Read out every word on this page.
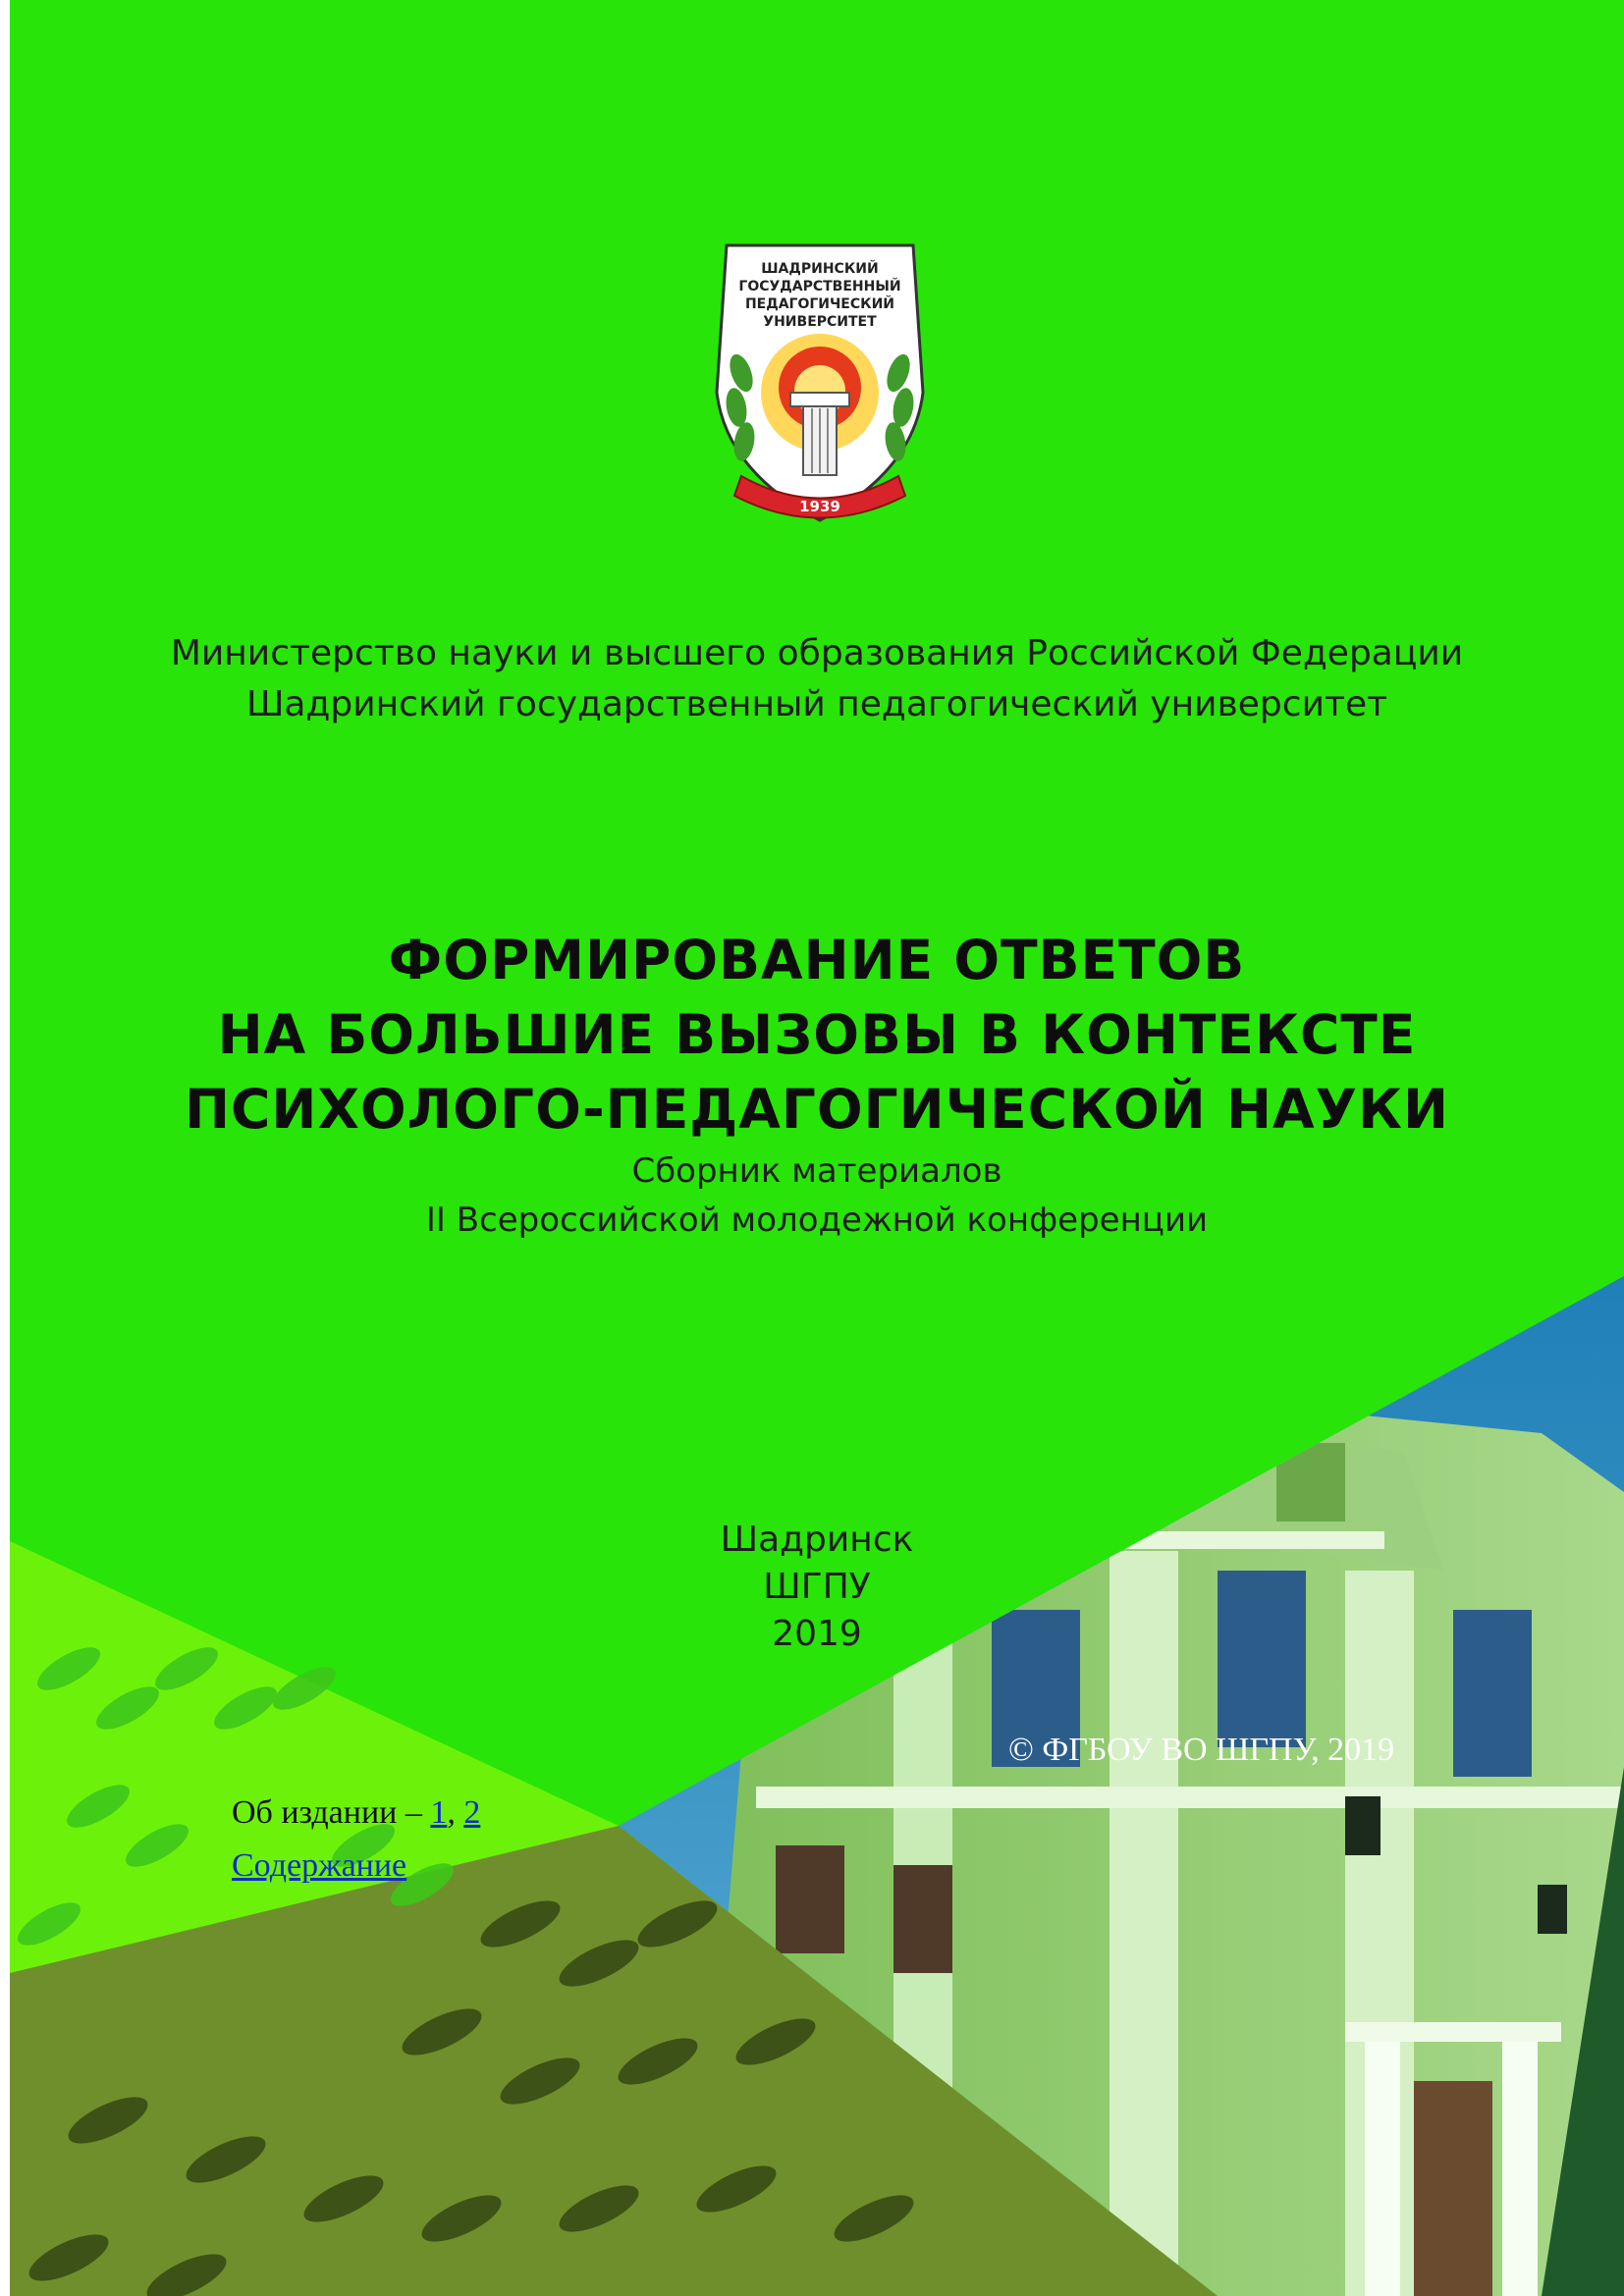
ШАДРИНСКИЙ
ГОСУДАРСТВЕННЫЙ
ПЕДАГОГИЧЕСКИЙ
УНИВЕРСИТЕТ
1939
Министерство науки и высшего образования Российской Федерации
Шадринский государственный педагогический университет
ФОРМИРОВАНИЕ ОТВЕТОВ
НА БОЛЬШИЕ ВЫЗОВЫ В КОНТЕКСТЕ
ПСИХОЛОГО-ПЕДАГОГИЧЕСКОЙ НАУКИ
Сборник материалов
II Всероссийской молодежной конференции
Шадринск
ШГПУ
2019
© ФГБОУ ВО ШГПУ, 2019
Об издании – 1, 2
Содержание
